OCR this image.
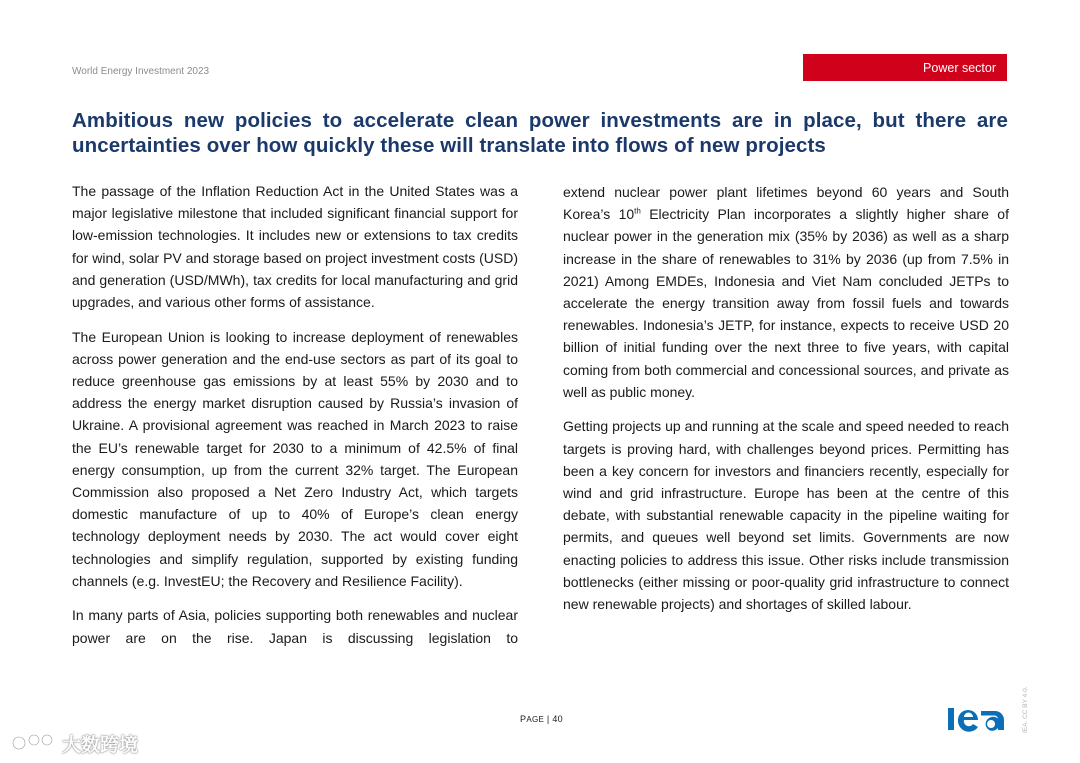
World Energy Investment 2023	Power sector
Ambitious new policies to accelerate clean power investments are in place, but there are uncertainties over how quickly these will translate into flows of new projects

The passage of the Inflation Reduction Act in the United States was a major legislative milestone that included significant financial support for low-emission technologies. It includes new or extensions to tax credits for wind, solar PV and storage based on project investment costs (USD) and generation (USD/MWh), tax credits for local manufacturing and grid upgrades, and various other forms of assistance.

The European Union is looking to increase deployment of renewables across power generation and the end-use sectors as part of its goal to reduce greenhouse gas emissions by at least 55% by 2030 and to address the energy market disruption caused by Russia’s invasion of Ukraine. A provisional agreement was reached in March 2023 to raise the EU’s renewable target for 2030 to a minimum of 42.5% of final energy consumption, up from the current 32% target. The European Commission also proposed a Net Zero Industry Act, which targets domestic manufacture of up to 40% of Europe’s clean energy technology deployment needs by 2030. The act would cover eight technologies and simplify regulation, supported by existing funding channels (e.g. InvestEU; the Recovery and Resilience Facility).

In many parts of Asia, policies supporting both renewables and nuclear power are on the rise. Japan is discussing legislation to

extend nuclear power plant lifetimes beyond 60 years and South Korea’s 10th Electricity Plan incorporates a slightly higher share of nuclear power in the generation mix (35% by 2036) as well as a sharp increase in the share of renewables to 31% by 2036 (up from 7.5% in 2021) Among EMDEs, Indonesia and Viet Nam concluded JETPs to accelerate the energy transition away from fossil fuels and towards renewables. Indonesia’s JETP, for instance, expects to receive USD 20 billion of initial funding over the next three to five years, with capital coming from both commercial and concessional sources, and private as well as public money.

Getting projects up and running at the scale and speed needed to reach targets is proving hard, with challenges beyond prices. Permitting has been a key concern for investors and financiers recently, especially for wind and grid infrastructure. Europe has been at the centre of this debate, with substantial renewable capacity in the pipeline waiting for permits, and queues well beyond set limits. Governments are now enacting policies to address this issue. Other risks include transmission bottlenecks (either missing or poor-quality grid infrastructure to connect new renewable projects) and shortages of skilled labour.

PAGE | 40	IEA. CC BY 4.0.
大数跨境
